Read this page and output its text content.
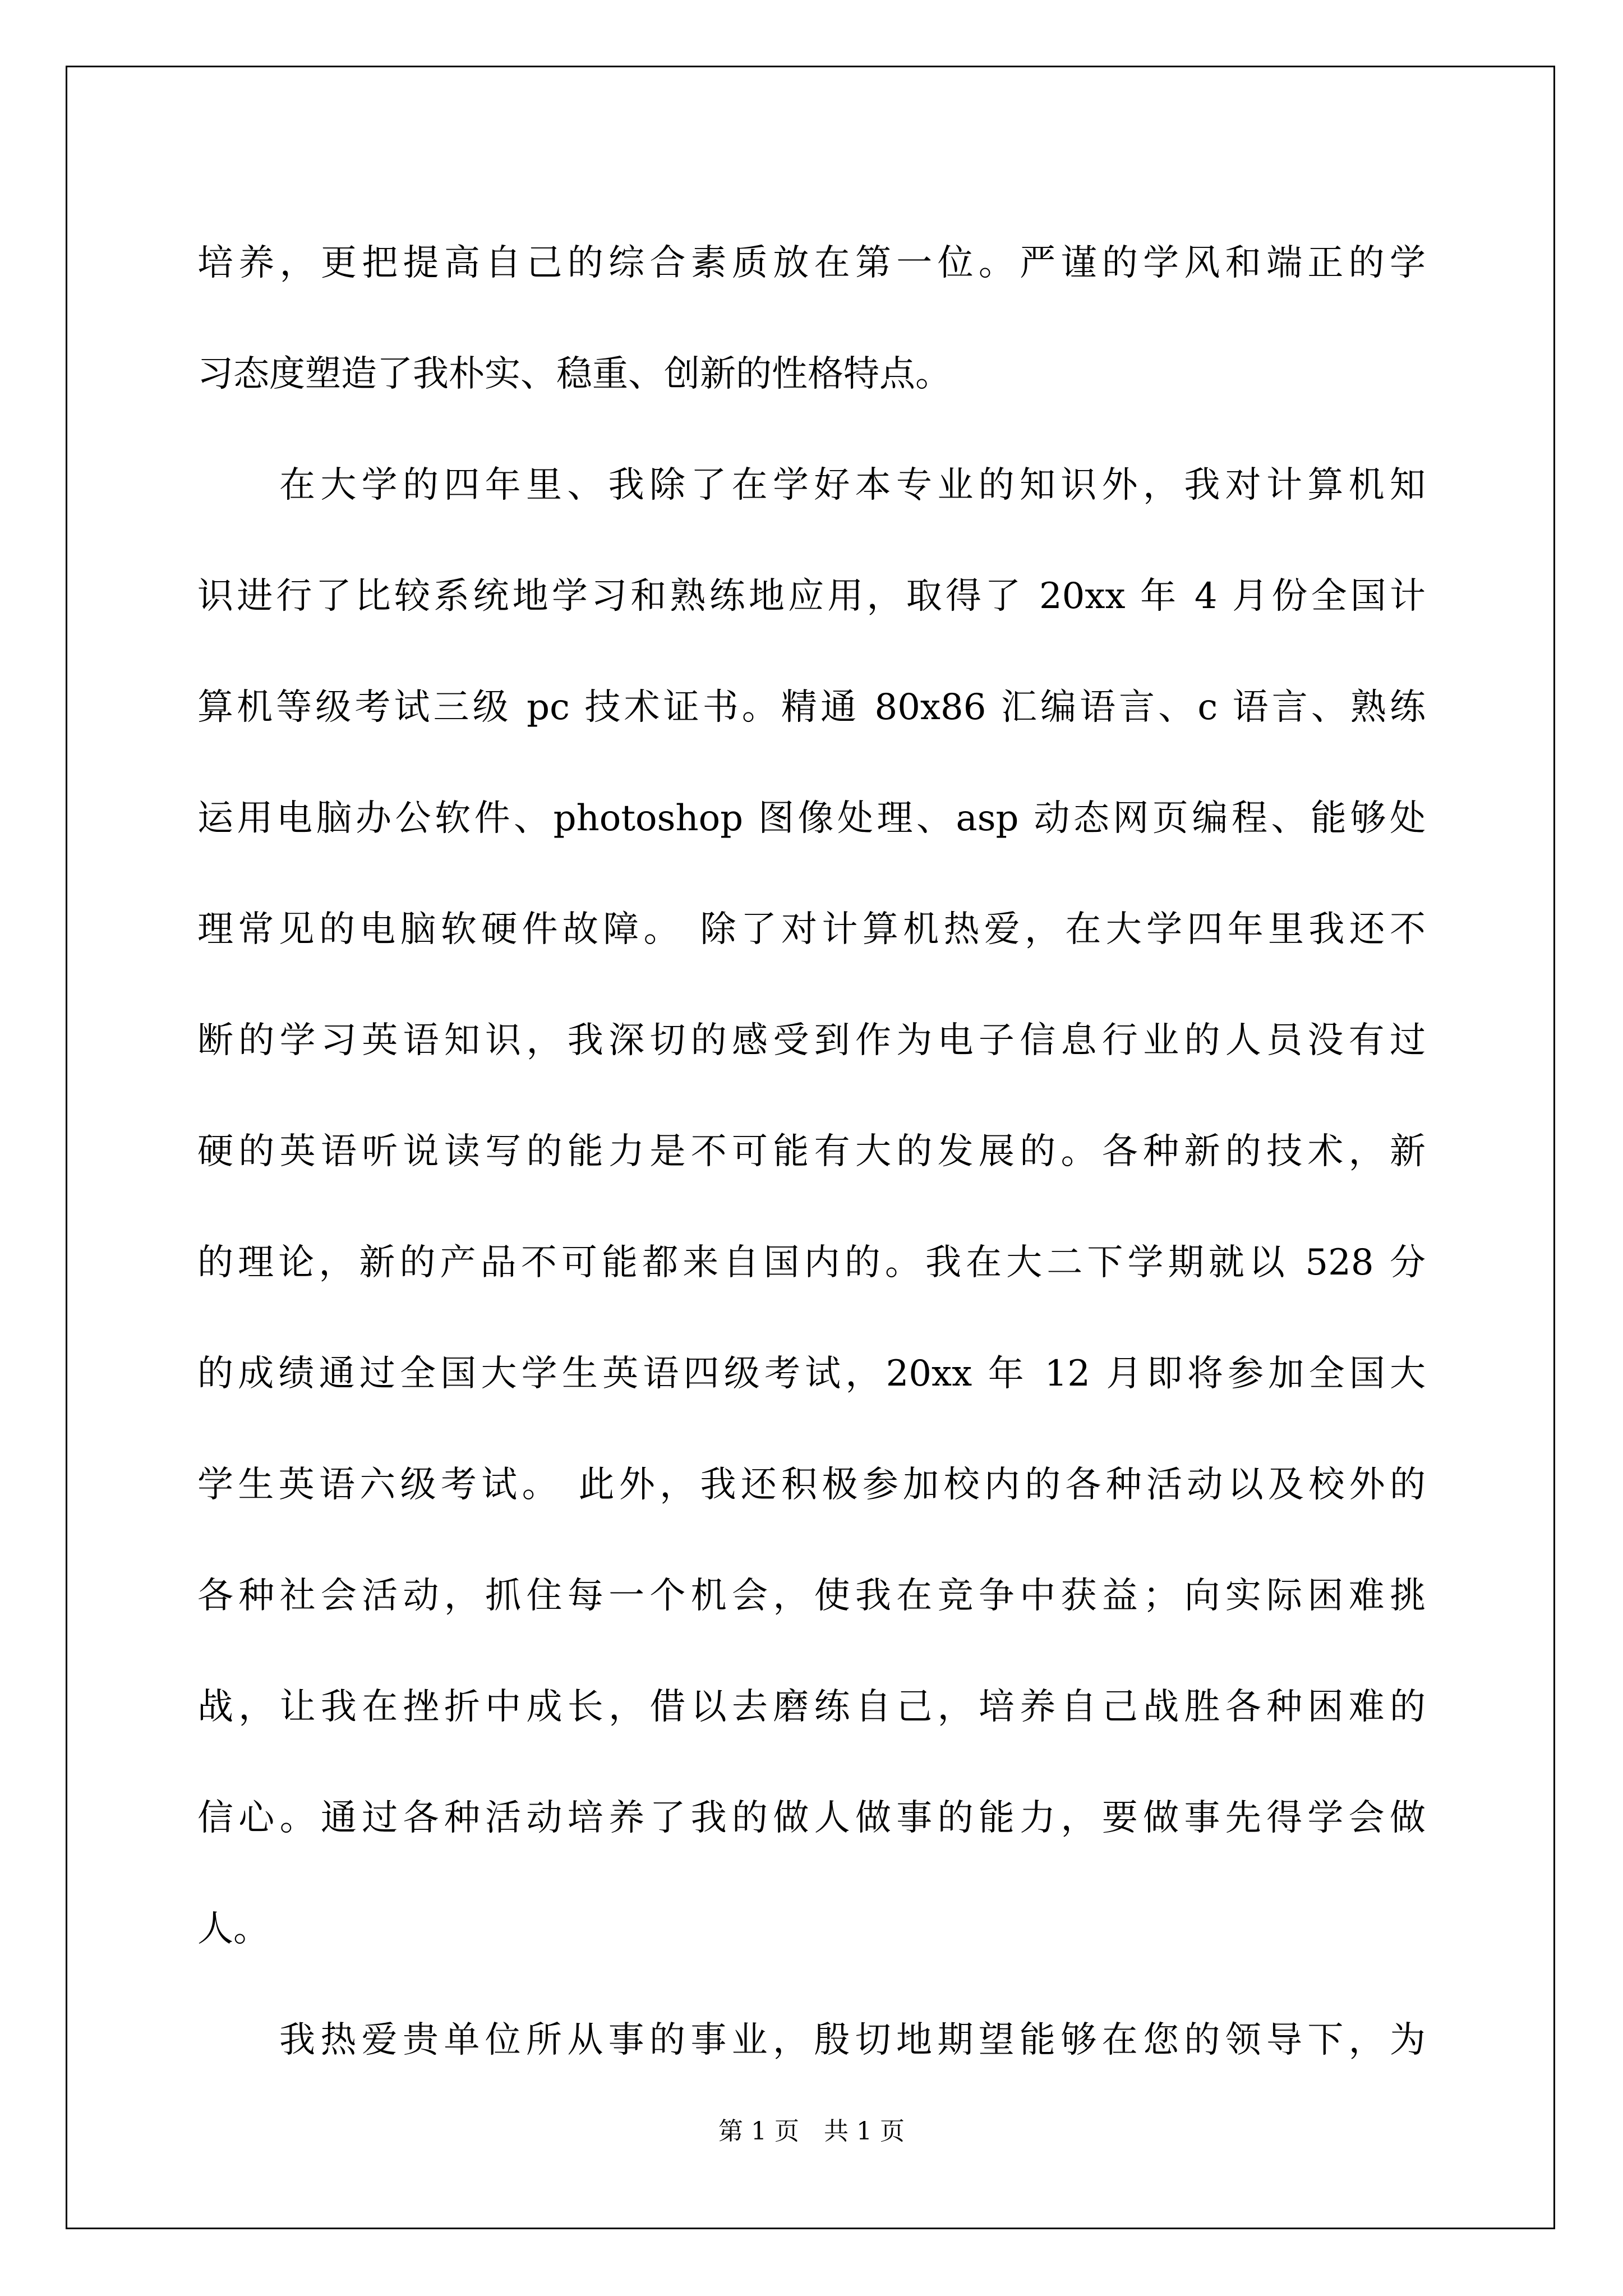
培养，更把提高自己的综合素质放在第一位。严谨的学风和端正的学
习态度塑造了我朴实、稳重、创新的性格特点。
在大学的四年里、我除了在学好本专业的知识外，我对计算机知
识进行了比较系统地学习和熟练地应用，取得了 20xx 年 4 月份全国计
算机等级考试三级 pc 技术证书。精通 80x86 汇编语言、c 语言、熟练
运用电脑办公软件、photoshop 图像处理、asp 动态网页编程、能够处
理常见的电脑软硬件故障。 除了对计算机热爱，在大学四年里我还不
断的学习英语知识，我深切的感受到作为电子信息行业的人员没有过
硬的英语听说读写的能力是不可能有大的发展的。各种新的技术，新
的理论，新的产品不可能都来自国内的。我在大二下学期就以 528 分
的成绩通过全国大学生英语四级考试，20xx 年 12 月即将参加全国大
学生英语六级考试。 此外，我还积极参加校内的各种活动以及校外的
各种社会活动，抓住每一个机会，使我在竞争中获益；向实际困难挑
战，让我在挫折中成长，借以去磨练自己，培养自己战胜各种困难的
信心。通过各种活动培养了我的做人做事的能力，要做事先得学会做
人。
我热爱贵单位所从事的事业，殷切地期望能够在您的领导下，为
第 1 页　共 1 页
